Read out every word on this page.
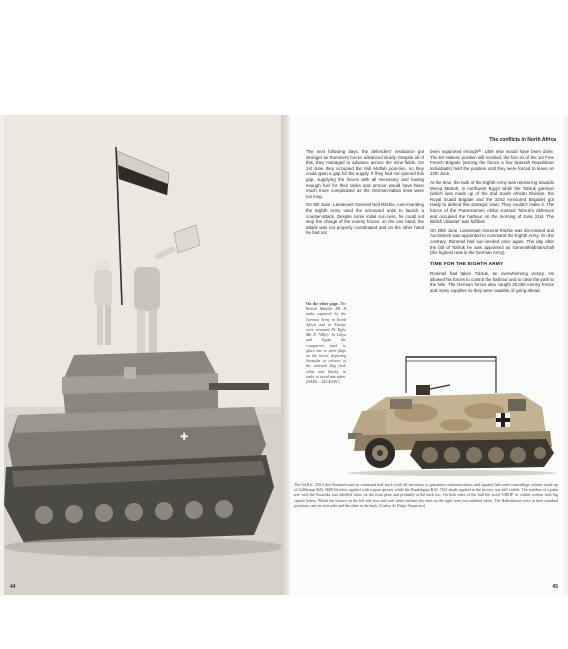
✚
44
The conflicts in North Africa

The next following days, the defenders' resistance got stronger as Rommel's forces advanced slowly. Despite all of this, they managed to advance across the mine-fields. On 1st June they occupied the Sidi Muftah posi-tion, so they could open a gap for the supply. If they had not opened this gap, supplying the forces with all necessary and having enough fuel for their tanks and armour would have been much more complicated as the German-Italian lines were too long.

On 5th June, Lieutenant General Neil Ritchie, com-manding the Eighth Army used the armoured units to launch a counter-attack. Despite some initial suc-cess, he could not stop the charge of the enemy forces: on the one hand, the attack was not properly coordinated and on the other hand he had not

been supported enough²⁰. Little else would have been done. The Bir Hakeim position still resisted, the forc-es of the 1st Free French Brigade (among the forces a few Spanish Republican individuals) held the position until they were forced to leave on 10th June.

At the time, the bulk of the Eighth Army was retreat-ing towards Mersa Matruh, in northwest Egypt while the Tobruk garrison (which was made up of the 2nd South African Division, the Royal Guard Brigade and the 32nd Armoured Brigade) got ready to defend this strategic town. They couldn't make it. The forces of the Panzerarmee Afrika crossed Tobruk's defences and occupied the harbour on the morning of June 21st. The British 'disaster' was fulfilled.

On 25th June, Lieutenant General Ritchie was dis-missed and Auchinleck was appointed to command the Eighth Army. On the contrary, Rommel had suc-ceeded once again. The day after the fall of Tobruk he was appointed as Generalfeldmarschall (the highest rank in the German Army).

TIME FOR THE EIGHTH ARMY

Rommel had taken Tobruk, an overwhelming victory. He allowed his forces to control the harbour and to clear the path to the Nile. The German forces also caught 20,000 enemy forces and many supplies so they were capable of going ahead.

On the other page. The British Matilda Mk II tanks captured by the German Army in North Africa and in Europe were renamed Pz Kpfw Mk II 748(e). In Libya and Egypt the conquerors used to place one or more flags on the turret, depicting Swastika or colours of the national flag (red, white and black), in order to avoid mis-takes. (NARA – 242-EAPC)
The Sd.Kfz. 250/3 that Rommel used as command half-track (with all necessary to guarantee communications and signals) had some camouflage scheme made up of Gelbbraun RAL 8000 blotches applied with a paint sprayer while the Dunkelgrau RAL 7021 shade applied in the factory was still visible. The emblem of a palm tree with the Swastika was labelled white on the front plate and probably at the back too. On both sides of the hull the word 'GREIF' in visible written with big capital letters. Whilst the licence on the left side rear and with white outlines the ones on the right were just outlined white. The Balkenkreuz were in their standard positions, one on each side and the other at the back. (Carlos de Diego Vaquerizo)
45
